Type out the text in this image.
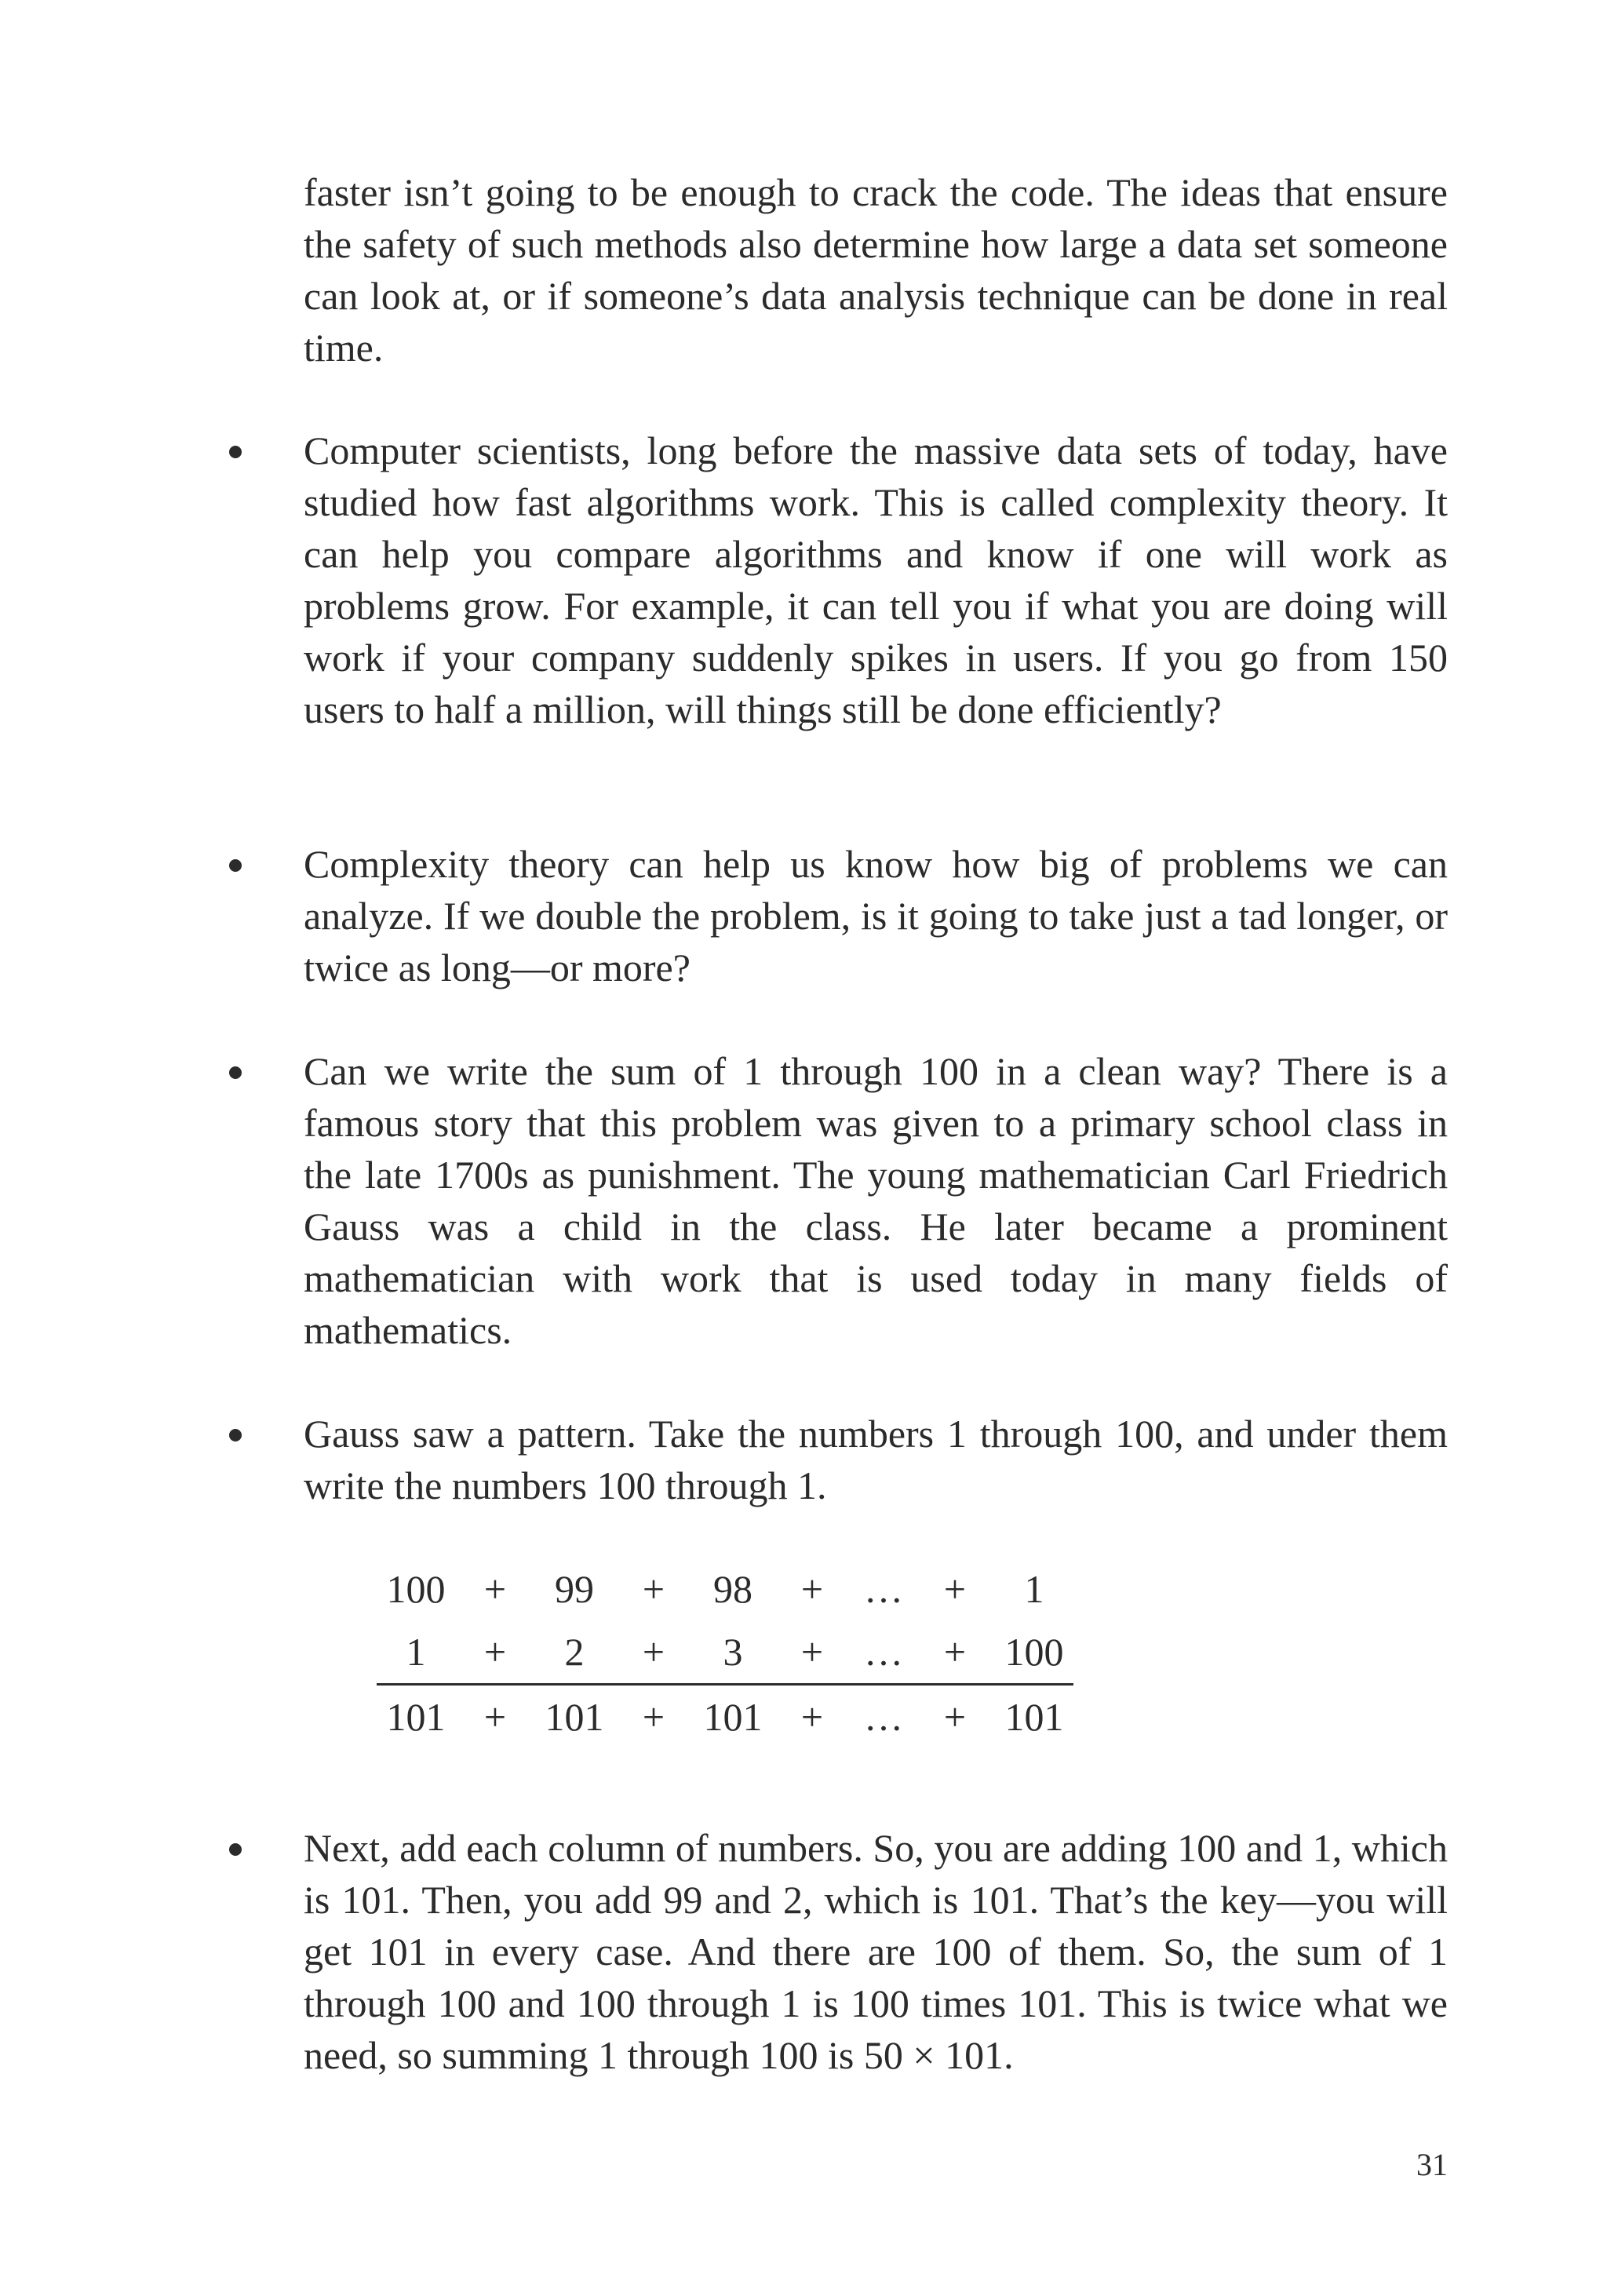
faster isn’t going to be enough to crack the code. The ideas that ensure the safety of such methods also determine how large a data set someone can look at, or if someone’s data analysis technique can be done in real time.

Computer scientists, long before the massive data sets of today, have studied how fast algorithms work. This is called complexity theory. It can help you compare algorithms and know if one will work as problems grow. For example, it can tell you if what you are doing will work if your company suddenly spikes in users. If you go from 150 users to half a million, will things still be done efficiently?

Complexity theory can help us know how big of problems we can analyze. If we double the problem, is it going to take just a tad longer, or twice as long—or more?

Can we write the sum of 1 through 100 in a clean way? There is a famous story that this problem was given to a primary school class in the late 1700s as punishment. The young mathematician Carl Friedrich Gauss was a child in the class. He later became a prominent mathematician with work that is used today in many fields of mathematics.

Gauss saw a pattern. Take the numbers 1 through 100, and under them write the numbers 100 through 1.

100	+	99	+	98	+	…	+	1
1	+	2	+	3	+	…	+	100
101	+	101	+	101	+	…	+	101

Next, add each column of numbers. So, you are adding 100 and 1, which is 101. Then, you add 99 and 2, which is 101. That’s the key—you will get 101 in every case. And there are 100 of them. So, the sum of 1 through 100 and 100 through 1 is 100 times 101. This is twice what we need, so summing 1 through 100 is 50 × 101.

31
